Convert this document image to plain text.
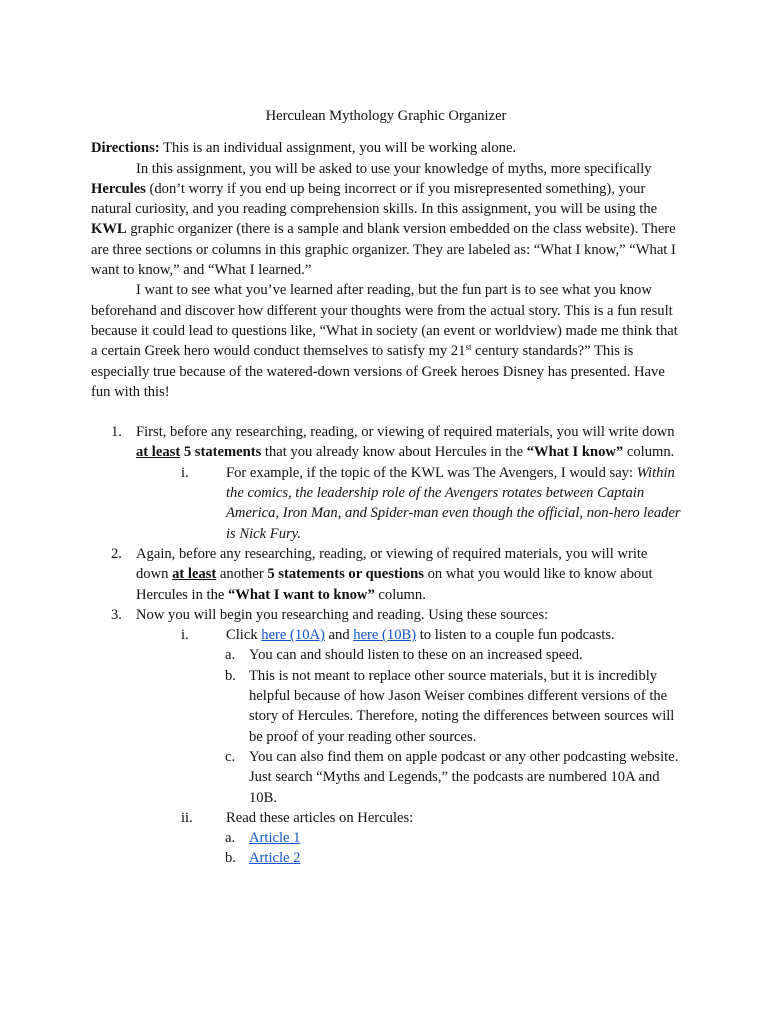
Herculean Mythology Graphic Organizer

Directions: This is an individual assignment, you will be working alone.

In this assignment, you will be asked to use your knowledge of myths, more specifically Hercules (don’t worry if you end up being incorrect or if you misrepresented something), your natural curiosity, and you reading comprehension skills. In this assignment, you will be using the KWL graphic organizer (there is a sample and blank version embedded on the class website). There are three sections or columns in this graphic organizer. They are labeled as: “What I know,” “What I want to know,” and “What I learned.”

I want to see what you’ve learned after reading, but the fun part is to see what you know beforehand and discover how different your thoughts were from the actual story. This is a fun result because it could lead to questions like, “What in society (an event or worldview) made me think that a certain Greek hero would conduct themselves to satisfy my 21st century standards?” This is especially true because of the watered-down versions of Greek heroes Disney has presented. Have fun with this!

1. First, before any researching, reading, or viewing of required materials, you will write down at least 5 statements that you already know about Hercules in the “What I know” column.
i.	For example, if the topic of the KWL was The Avengers, I would say: Within the comics, the leadership role of the Avengers rotates between Captain America, Iron Man, and Spider-man even though the official, non-hero leader is Nick Fury.
2. Again, before any researching, reading, or viewing of required materials, you will write down at least another 5 statements or questions on what you would like to know about Hercules in the “What I want to know” column.
3. Now you will begin you researching and reading. Using these sources:
i.	Click here (10A) and here (10B) to listen to a couple fun podcasts.
a. You can and should listen to these on an increased speed.
b. This is not meant to replace other source materials, but it is incredibly helpful because of how Jason Weiser combines different versions of the story of Hercules. Therefore, noting the differences between sources will be proof of your reading other sources.
c. You can also find them on apple podcast or any other podcasting website. Just search “Myths and Legends,” the podcasts are numbered 10A and 10B.
ii. Read these articles on Hercules:
a. Article 1
b. Article 2
